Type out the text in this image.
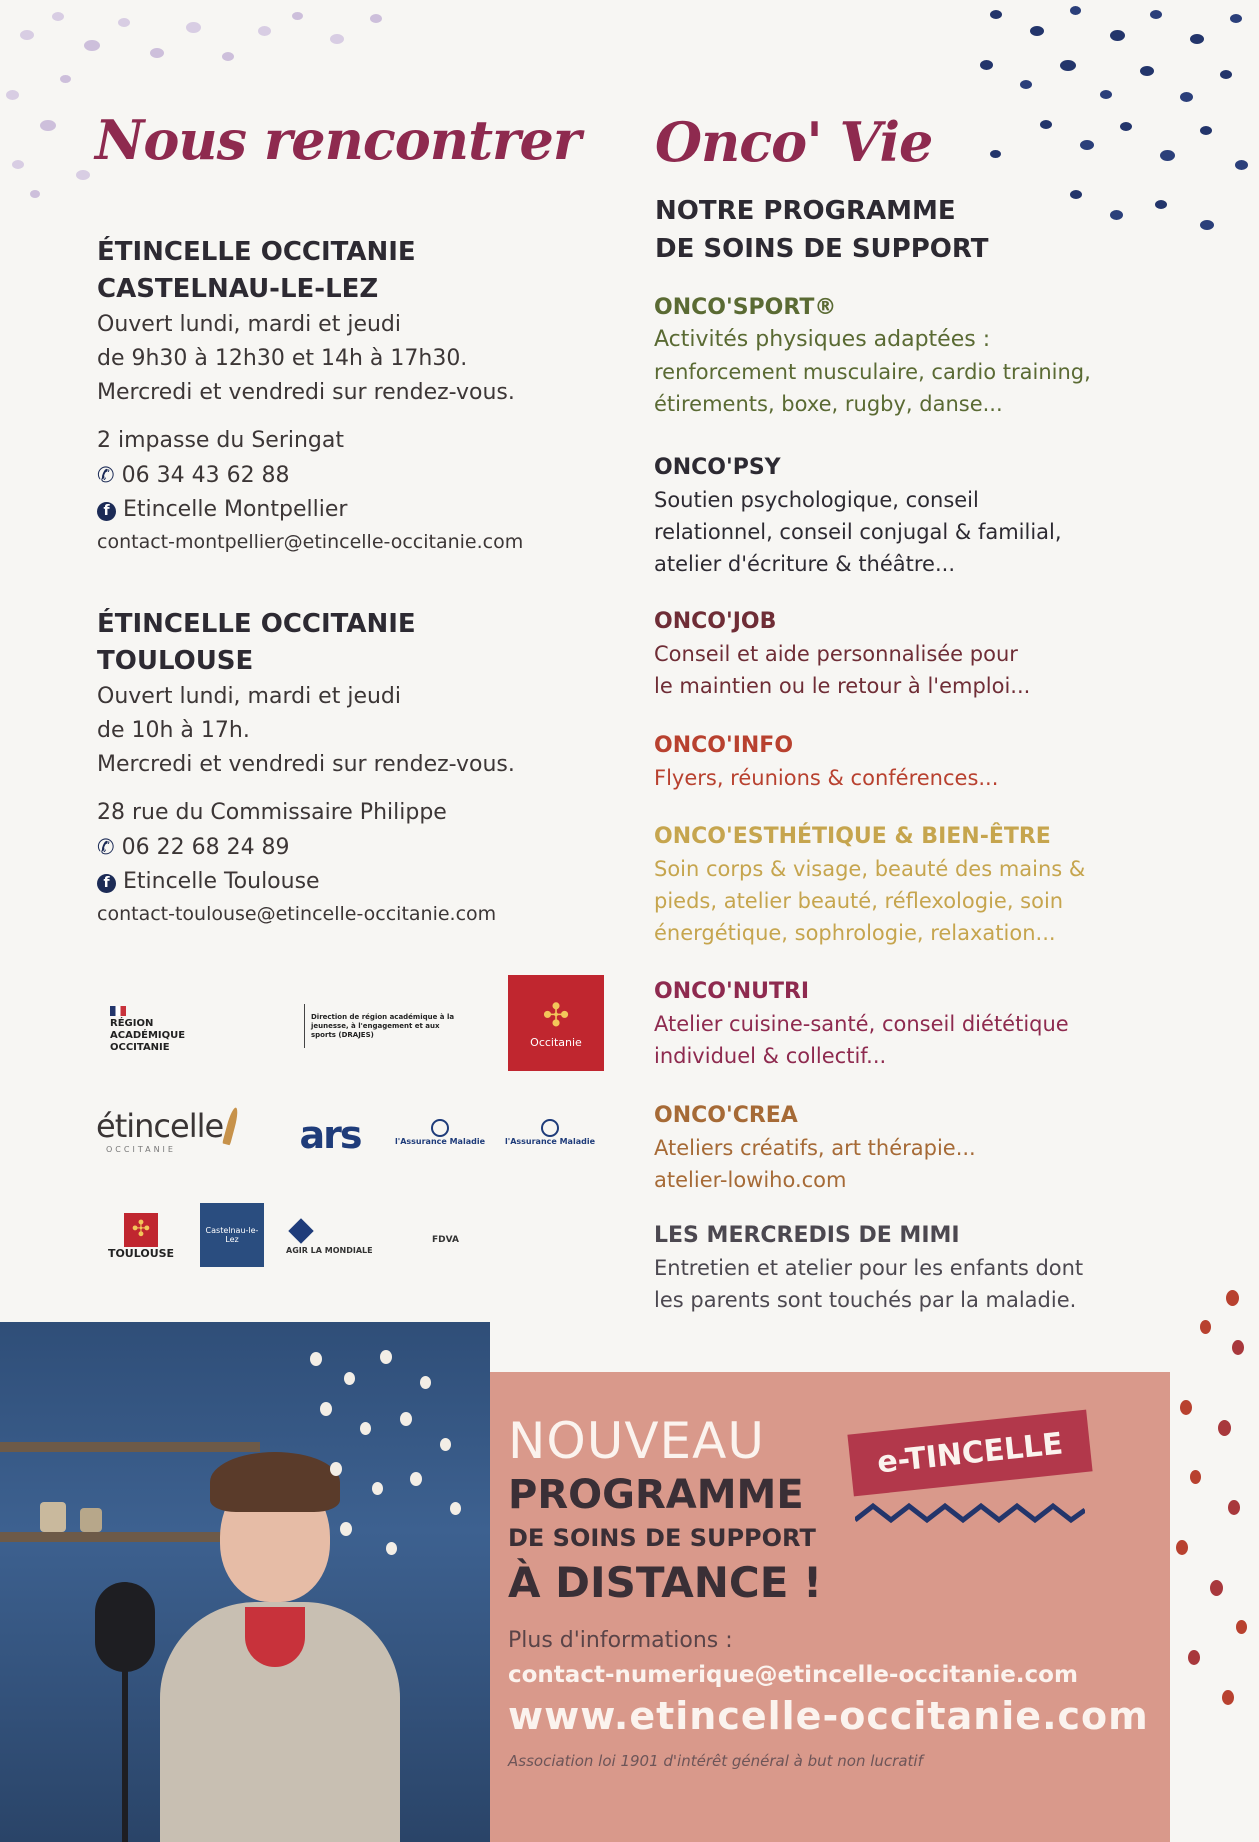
Nous rencontrer
ÉTINCELLE OCCITANIE
CASTELNAU-LE-LEZ
Ouvert lundi, mardi et jeudi
de 9h30 à 12h30 et 14h à 17h30.
Mercredi et vendredi sur rendez-vous.
2 impasse du Seringat
✆ 06 34 43 62 88
f Etincelle Montpellier
contact-montpellier@etincelle-occitanie.com
ÉTINCELLE OCCITANIE
TOULOUSE
Ouvert lundi, mardi et jeudi
de 10h à 17h.
Mercredi et vendredi sur rendez-vous.
28 rue du Commissaire Philippe
✆ 06 22 68 24 89
f Etincelle Toulouse
contact-toulouse@etincelle-occitanie.com
RÉGION ACADÉMIQUE OCCITANIE
Direction de région académique à la jeunesse, à l'engagement et aux sports (DRAJES)
✣
Occitanie
étincelle
OCCITANIE	ars	l'Assurance Maladie	l'Assurance Maladie
✣
TOULOUSE
Castelnau-le-Lez
AGIR LA MONDIALE
FDVA
Onco' Vie
NOTRE PROGRAMME
DE SOINS DE SUPPORT
ONCO'SPORT®
Activités physiques adaptées :
renforcement musculaire, cardio training,
étirements, boxe, rugby, danse...
ONCO'PSY
Soutien psychologique, conseil
relationnel, conseil conjugal & familial,
atelier d'écriture & théâtre...
ONCO'JOB
Conseil et aide personnalisée pour
le maintien ou le retour à l'emploi...
ONCO'INFO
Flyers, réunions & conférences...
ONCO'ESTHÉTIQUE & BIEN-ÊTRE
Soin corps & visage, beauté des mains &
pieds, atelier beauté, réflexologie, soin
énergétique, sophrologie, relaxation...
ONCO'NUTRI
Atelier cuisine-santé, conseil diététique
individuel & collectif...
ONCO'CREA
Ateliers créatifs, art thérapie...
atelier-lowiho.com
LES MERCREDIS DE MIMI
Entretien et atelier pour les enfants dont
les parents sont touchés par la maladie.
NOUVEAU
PROGRAMME
DE SOINS DE SUPPORT
À DISTANCE !
e-TINCELLE
Plus d'informations :
contact-numerique@etincelle-occitanie.com
www.etincelle-occitanie.com
Association loi 1901 d'intérêt général à but non lucratif
